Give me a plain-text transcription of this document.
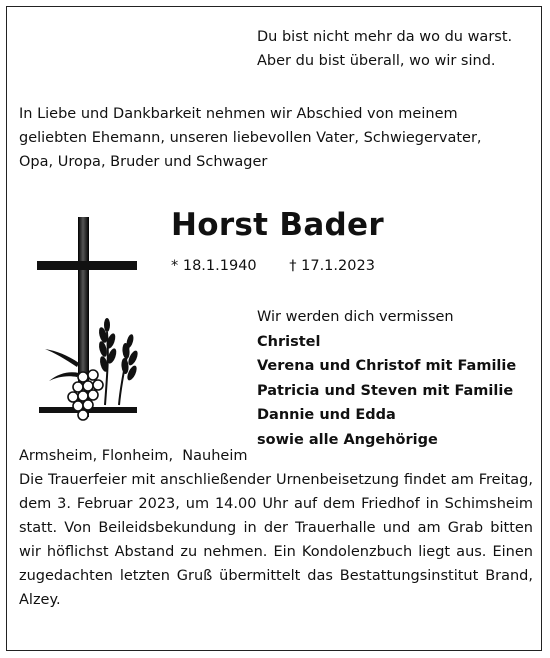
Du bist nicht mehr da wo du warst.
Aber du bist überall, wo wir sind.
In Liebe und Dankbarkeit nehmen wir Abschied von meinem
geliebten Ehemann, unseren liebevollen Vater, Schwiegervater,
Opa, Uropa, Bruder und Schwager
Horst Bader
* 18.1.1940 † 17.1.2023
Wir werden dich vermissen
Christel
Verena und Christof mit Familie
Patricia und Steven mit Familie
Dannie und Edda
sowie alle Angehörige
Armsheim, Flonheim,  Nauheim

Die Trauerfeier mit anschließender Urnenbeisetzung findet am Freitag, dem 3. Februar 2023, um 14.00 Uhr auf dem Friedhof in Schimsheim statt. Von Beileidsbekundung in der Trauerhalle und am Grab bitten wir höflichst Abstand zu nehmen. Ein Kondolenzbuch liegt aus. Einen zugedachten letzten Gruß übermittelt das Bestattungsinstitut Brand, Alzey.
